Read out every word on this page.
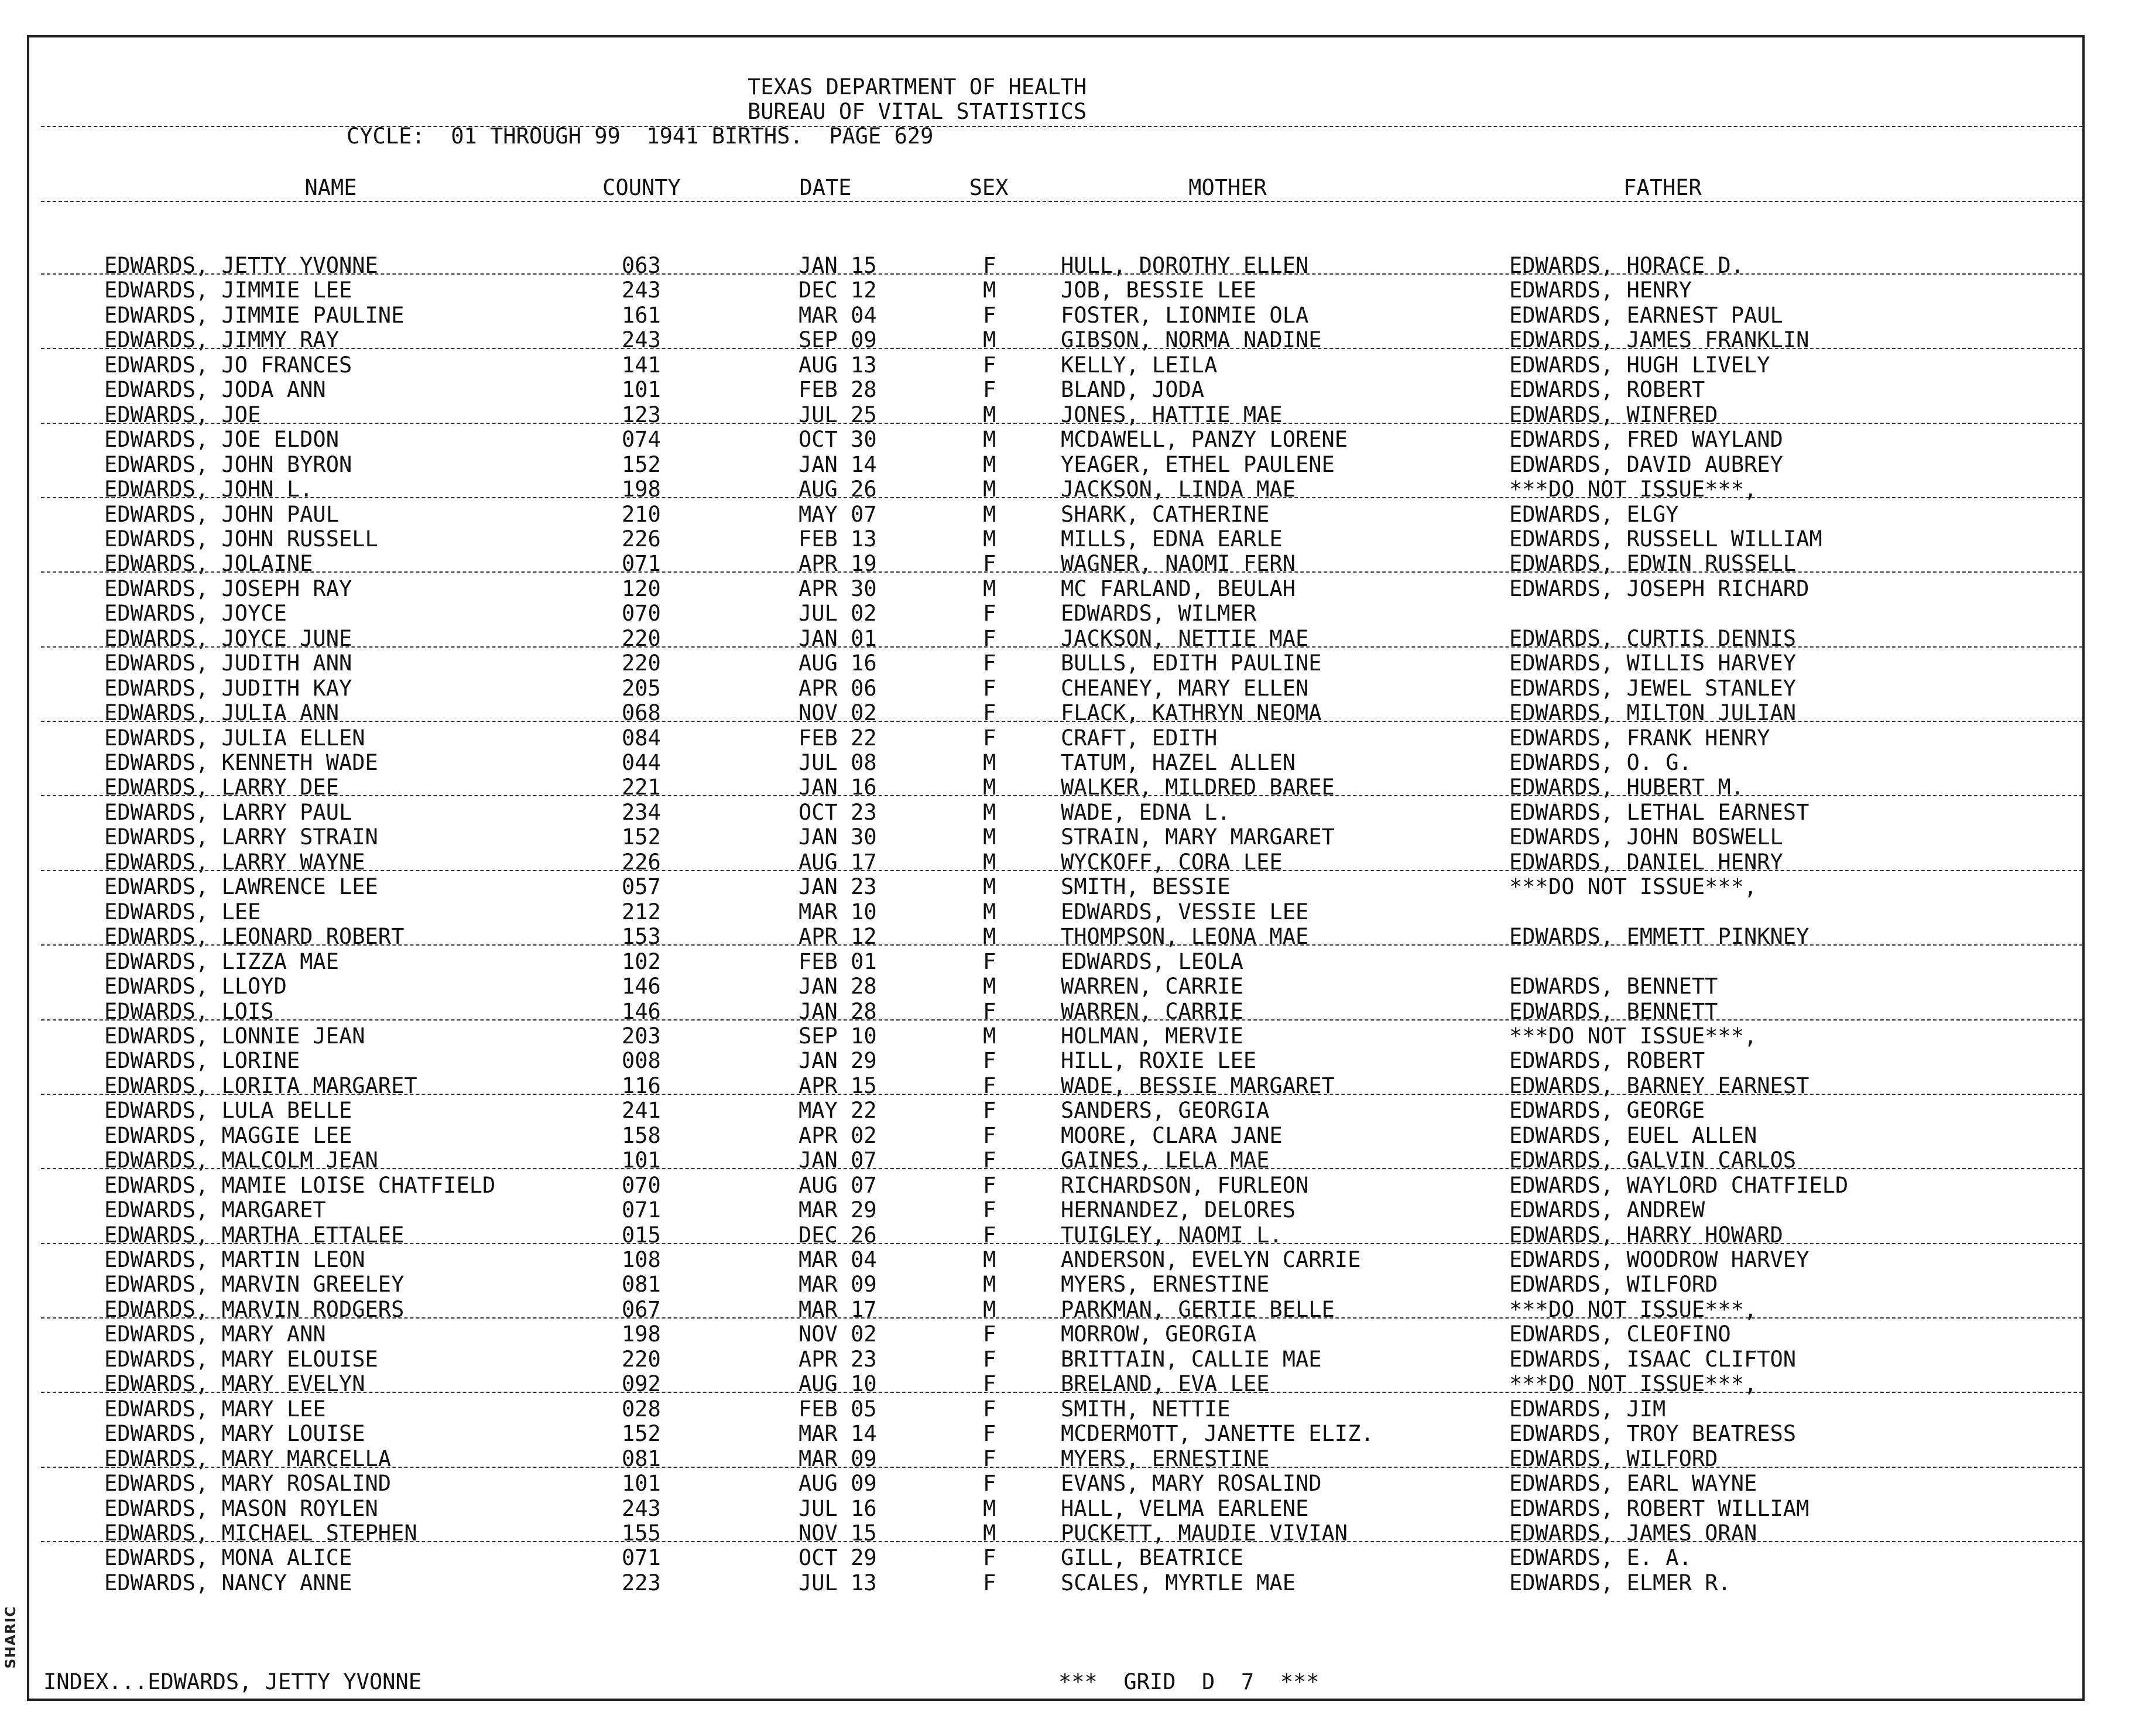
SHARIC
TEXAS DEPARTMENT OF HEALTH
BUREAU OF VITAL STATISTICS
CYCLE:  01 THROUGH 99  1941 BIRTHS.  PAGE 629
NAME	COUNTY	DATE	SEX	MOTHER	FATHER
EDWARDS, JETTY YVONNE	063	JAN 15	F	HULL, DOROTHY ELLEN	EDWARDS, HORACE D.
EDWARDS, JIMMIE LEE	243	DEC 12	M	JOB, BESSIE LEE	EDWARDS, HENRY
EDWARDS, JIMMIE PAULINE	161	MAR 04	F	FOSTER, LIONMIE OLA	EDWARDS, EARNEST PAUL
EDWARDS, JIMMY RAY	243	SEP 09	M	GIBSON, NORMA NADINE	EDWARDS, JAMES FRANKLIN
EDWARDS, JO FRANCES	141	AUG 13	F	KELLY, LEILA	EDWARDS, HUGH LIVELY
EDWARDS, JODA ANN	101	FEB 28	F	BLAND, JODA	EDWARDS, ROBERT
EDWARDS, JOE	123	JUL 25	M	JONES, HATTIE MAE	EDWARDS, WINFRED
EDWARDS, JOE ELDON	074	OCT 30	M	MCDAWELL, PANZY LORENE	EDWARDS, FRED WAYLAND
EDWARDS, JOHN BYRON	152	JAN 14	M	YEAGER, ETHEL PAULENE	EDWARDS, DAVID AUBREY
EDWARDS, JOHN L.	198	AUG 26	M	JACKSON, LINDA MAE	***DO NOT ISSUE***,
EDWARDS, JOHN PAUL	210	MAY 07	M	SHARK, CATHERINE	EDWARDS, ELGY
EDWARDS, JOHN RUSSELL	226	FEB 13	M	MILLS, EDNA EARLE	EDWARDS, RUSSELL WILLIAM
EDWARDS, JOLAINE	071	APR 19	F	WAGNER, NAOMI FERN	EDWARDS, EDWIN RUSSELL
EDWARDS, JOSEPH RAY	120	APR 30	M	MC FARLAND, BEULAH	EDWARDS, JOSEPH RICHARD
EDWARDS, JOYCE	070	JUL 02	F	EDWARDS, WILMER
EDWARDS, JOYCE JUNE	220	JAN 01	F	JACKSON, NETTIE MAE	EDWARDS, CURTIS DENNIS
EDWARDS, JUDITH ANN	220	AUG 16	F	BULLS, EDITH PAULINE	EDWARDS, WILLIS HARVEY
EDWARDS, JUDITH KAY	205	APR 06	F	CHEANEY, MARY ELLEN	EDWARDS, JEWEL STANLEY
EDWARDS, JULIA ANN	068	NOV 02	F	FLACK, KATHRYN NEOMA	EDWARDS, MILTON JULIAN
EDWARDS, JULIA ELLEN	084	FEB 22	F	CRAFT, EDITH	EDWARDS, FRANK HENRY
EDWARDS, KENNETH WADE	044	JUL 08	M	TATUM, HAZEL ALLEN	EDWARDS, O. G.
EDWARDS, LARRY DEE	221	JAN 16	M	WALKER, MILDRED BAREE	EDWARDS, HUBERT M.
EDWARDS, LARRY PAUL	234	OCT 23	M	WADE, EDNA L.	EDWARDS, LETHAL EARNEST
EDWARDS, LARRY STRAIN	152	JAN 30	M	STRAIN, MARY MARGARET	EDWARDS, JOHN BOSWELL
EDWARDS, LARRY WAYNE	226	AUG 17	M	WYCKOFF, CORA LEE	EDWARDS, DANIEL HENRY
EDWARDS, LAWRENCE LEE	057	JAN 23	M	SMITH, BESSIE	***DO NOT ISSUE***,
EDWARDS, LEE	212	MAR 10	M	EDWARDS, VESSIE LEE
EDWARDS, LEONARD ROBERT	153	APR 12	M	THOMPSON, LEONA MAE	EDWARDS, EMMETT PINKNEY
EDWARDS, LIZZA MAE	102	FEB 01	F	EDWARDS, LEOLA
EDWARDS, LLOYD	146	JAN 28	M	WARREN, CARRIE	EDWARDS, BENNETT
EDWARDS, LOIS	146	JAN 28	F	WARREN, CARRIE	EDWARDS, BENNETT
EDWARDS, LONNIE JEAN	203	SEP 10	M	HOLMAN, MERVIE	***DO NOT ISSUE***,
EDWARDS, LORINE	008	JAN 29	F	HILL, ROXIE LEE	EDWARDS, ROBERT
EDWARDS, LORITA MARGARET	116	APR 15	F	WADE, BESSIE MARGARET	EDWARDS, BARNEY EARNEST
EDWARDS, LULA BELLE	241	MAY 22	F	SANDERS, GEORGIA	EDWARDS, GEORGE
EDWARDS, MAGGIE LEE	158	APR 02	F	MOORE, CLARA JANE	EDWARDS, EUEL ALLEN
EDWARDS, MALCOLM JEAN	101	JAN 07	F	GAINES, LELA MAE	EDWARDS, GALVIN CARLOS
EDWARDS, MAMIE LOISE CHATFIELD	070	AUG 07	F	RICHARDSON, FURLEON	EDWARDS, WAYLORD CHATFIELD
EDWARDS, MARGARET	071	MAR 29	F	HERNANDEZ, DELORES	EDWARDS, ANDREW
EDWARDS, MARTHA ETTALEE	015	DEC 26	F	TUIGLEY, NAOMI L.	EDWARDS, HARRY HOWARD
EDWARDS, MARTIN LEON	108	MAR 04	M	ANDERSON, EVELYN CARRIE	EDWARDS, WOODROW HARVEY
EDWARDS, MARVIN GREELEY	081	MAR 09	M	MYERS, ERNESTINE	EDWARDS, WILFORD
EDWARDS, MARVIN RODGERS	067	MAR 17	M	PARKMAN, GERTIE BELLE	***DO NOT ISSUE***,
EDWARDS, MARY ANN	198	NOV 02	F	MORROW, GEORGIA	EDWARDS, CLEOFINO
EDWARDS, MARY ELOUISE	220	APR 23	F	BRITTAIN, CALLIE MAE	EDWARDS, ISAAC CLIFTON
EDWARDS, MARY EVELYN	092	AUG 10	F	BRELAND, EVA LEE	***DO NOT ISSUE***,
EDWARDS, MARY LEE	028	FEB 05	F	SMITH, NETTIE	EDWARDS, JIM
EDWARDS, MARY LOUISE	152	MAR 14	F	MCDERMOTT, JANETTE ELIZ.	EDWARDS, TROY BEATRESS
EDWARDS, MARY MARCELLA	081	MAR 09	F	MYERS, ERNESTINE	EDWARDS, WILFORD
EDWARDS, MARY ROSALIND	101	AUG 09	F	EVANS, MARY ROSALIND	EDWARDS, EARL WAYNE
EDWARDS, MASON ROYLEN	243	JUL 16	M	HALL, VELMA EARLENE	EDWARDS, ROBERT WILLIAM
EDWARDS, MICHAEL STEPHEN	155	NOV 15	M	PUCKETT, MAUDIE VIVIAN	EDWARDS, JAMES ORAN
EDWARDS, MONA ALICE	071	OCT 29	F	GILL, BEATRICE	EDWARDS, E. A.
EDWARDS, NANCY ANNE	223	JUL 13	F	SCALES, MYRTLE MAE	EDWARDS, ELMER R.
INDEX...EDWARDS, JETTY YVONNE	***  GRID  D  7  ***
